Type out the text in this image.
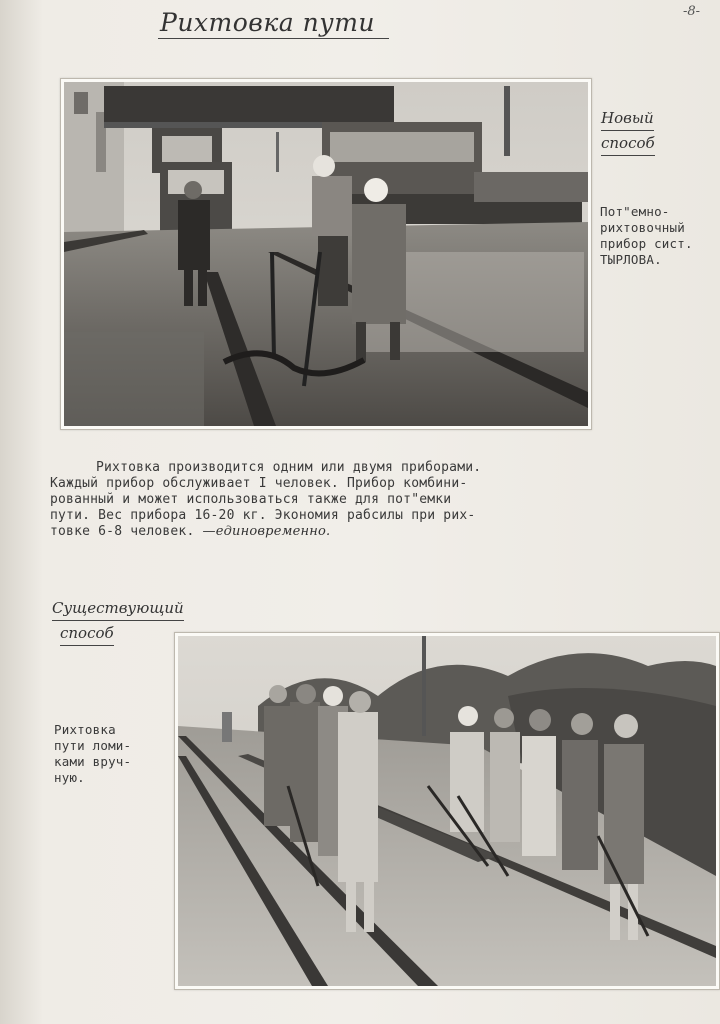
-8-
Рихтовка пути
Новый
способ
Пот"емно-
рихтовочный
прибор сист.
ТЫРЛОВА.
Рихтовка производится одним или двумя приборами.
Каждый прибор обслуживает I человек. Прибор комбини-
рованный и может использоваться также для пот"емки
пути. Вес прибора 16-20 кг. Экономия рабсилы при рих-
товке 6-8 человек. —единовременно.
Существующий
способ
Рихтовка
пути ломи-
ками вруч-
ную.
